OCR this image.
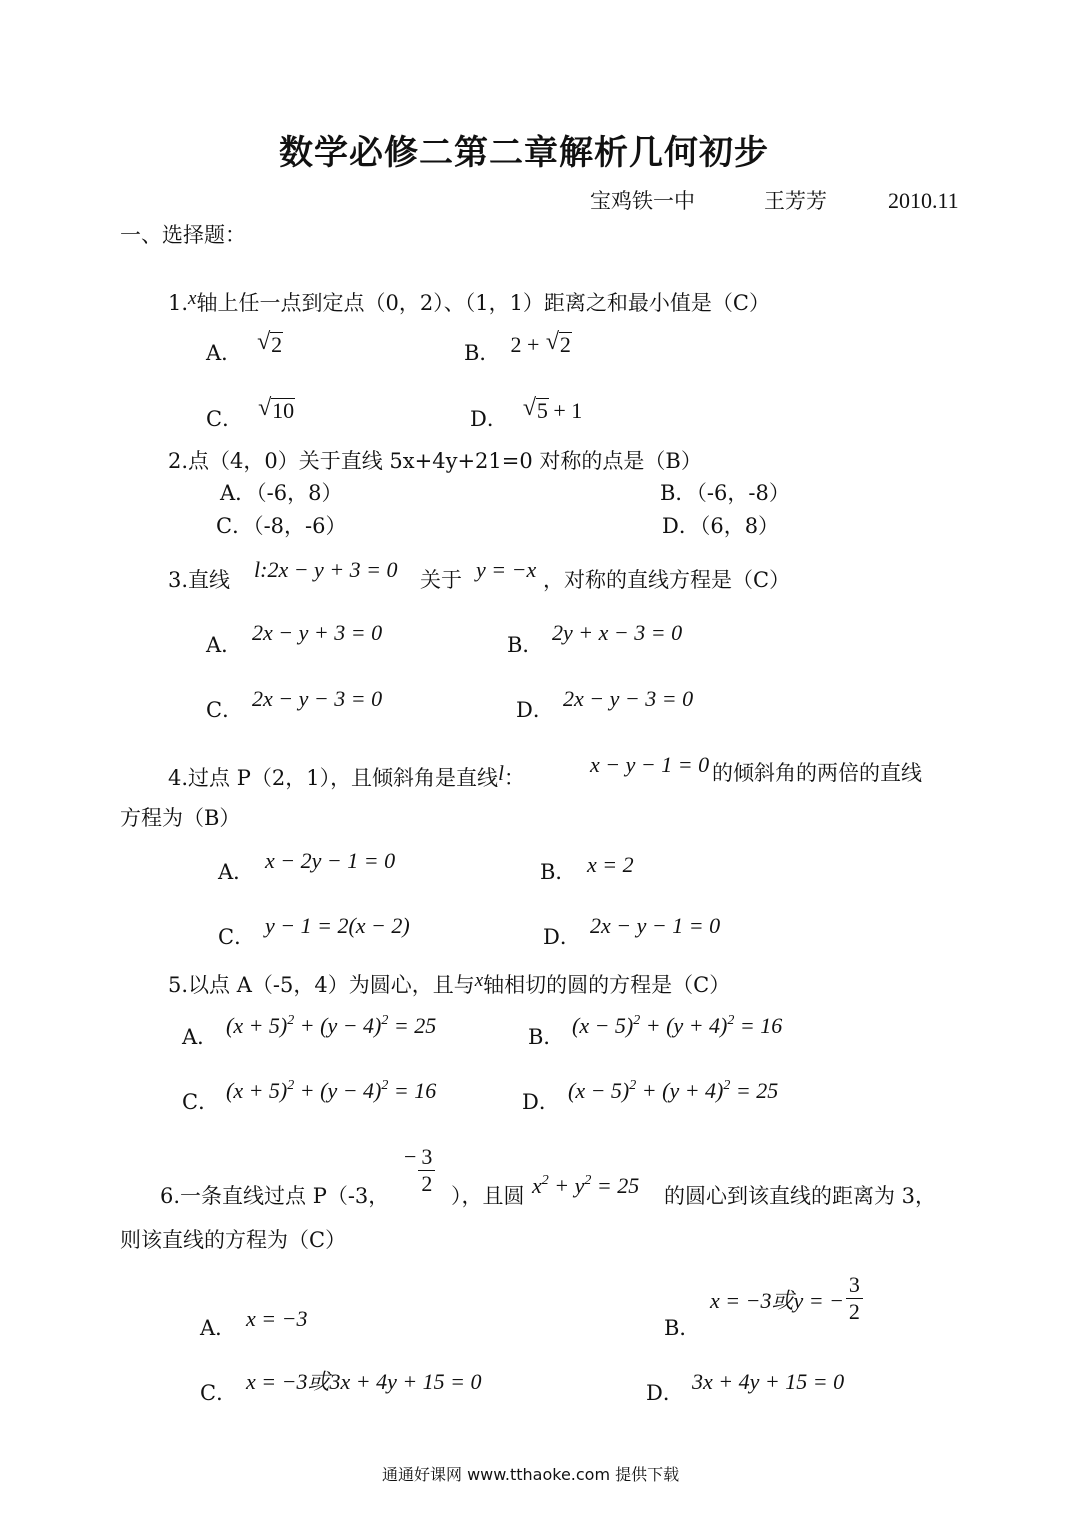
数学必修二第二章解析几何初步
宝鸡铁一中	王芳芳	2010.11
一、选择题：
1.x轴上任一点到定点（0，2）、（1，1）距离之和最小值是（C）
A． √ 2	B． 2 + √ 2
C． √ 10	D． √ 5 + 1
2.点（4，0）关于直线 5x+4y+21=0 对称的点是（B）
A．（-6，8）	B．（-6，-8）
C．（-8，-6）	D．（6，8）
3.直线 l:2x − y + 3 = 0 关于 y = −x ，对称的直线方程是（C）
A． 2x − y + 3 = 0	B． 2y + x − 3 = 0
C． 2x − y − 3 = 0	D． 2x − y − 3 = 0
4.过点 P（2，1），且倾斜角是直线l：
x − y − 1 = 0 的倾斜角的两倍的直线
方程为（B）
A． x − 2y − 1 = 0	B． x = 2
C． y − 1 = 2(x − 2)	D． 2x − y − 1 = 0
5.以点 A（-5，4）为圆心，且与x轴相切的圆的方程是（C）
A． $(x + 5)^2 + (y - 4)^2 = 25$	B． $(x - 5)^2 + (y + 4)^2 = 16$
C． $(x + 5)^2 + (y - 4)^2 = 16$	D． $(x - 5)^2 + (y + 4)^2 = 25$
6.一条直线过点 P（-3，
− $\frac{3}{2}$ ），且圆 $x^2 + y^2 = 25$ 的圆心到该直线的距离为 3，
则该直线的方程为（C）
A． x = −3	B．
x = −3或y = − $\frac{3}{2}$
C． x = −3或3x + 4y + 15 = 0	D． 3x + 4y + 15 = 0
通通好课网 www.tthaoke.com 提供下载
